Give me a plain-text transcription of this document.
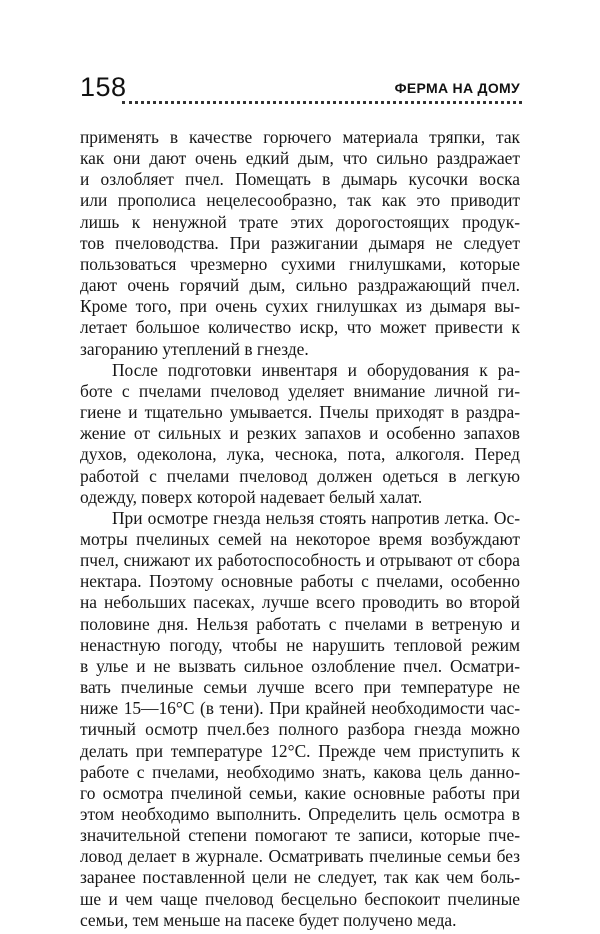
158	ФЕРМА НА ДОМУ

применять в качестве горючего материала тряпки, так
как они дают очень едкий дым, что сильно раздражает
и озлобляет пчел. Помещать в дымарь кусочки воска
или прополиса нецелесообразно, так как это приводит
лишь к ненужной трате этих дорогостоящих продук-
тов пчеловодства. При разжигании дымаря не следует
пользоваться чрезмерно сухими гнилушками, которые
дают очень горячий дым, сильно раздражающий пчел.
Кроме того, при очень сухих гнилушках из дымаря вы-
летает большое количество искр, что может привести к
загоранию утеплений в гнезде.

После подготовки инвентаря и оборудования к ра-
боте с пчелами пчеловод уделяет внимание личной ги-
гиене и тщательно умывается. Пчелы приходят в раздра-
жение от сильных и резких запахов и особенно запахов
духов, одеколона, лука, чеснока, пота, алкоголя. Перед
работой с пчелами пчеловод должен одеться в легкую
одежду, поверх которой надевает белый халат.

При осмотре гнезда нельзя стоять напротив летка. Ос-
мотры пчелиных семей на некоторое время возбуждают
пчел, снижают их работоспособность и отрывают от сбора
нектара. Поэтому основные работы с пчелами, особенно
на небольших пасеках, лучше всего проводить во второй
половине дня. Нельзя работать с пчелами в ветреную и
ненастную погоду, чтобы не нарушить тепловой режим
в улье и не вызвать сильное озлобление пчел. Осматри-
вать пчелиные семьи лучше всего при температуре не
ниже 15—16°С (в тени). При крайней необходимости час-
тичный осмотр пчел.без полного разбора гнезда можно
делать при температуре 12°С. Прежде чем приступить к
работе с пчелами, необходимо знать, какова цель данно-
го осмотра пчелиной семьи, какие основные работы при
этом необходимо выполнить. Определить цель осмотра в
значительной степени помогают те записи, которые пче-
ловод делает в журнале. Осматривать пчелиные семьи без
заранее поставленной цели не следует, так как чем боль-
ше и чем чаще пчеловод бесцельно беспокоит пчелиные
семьи, тем меньше на пасеке будет получено меда.
